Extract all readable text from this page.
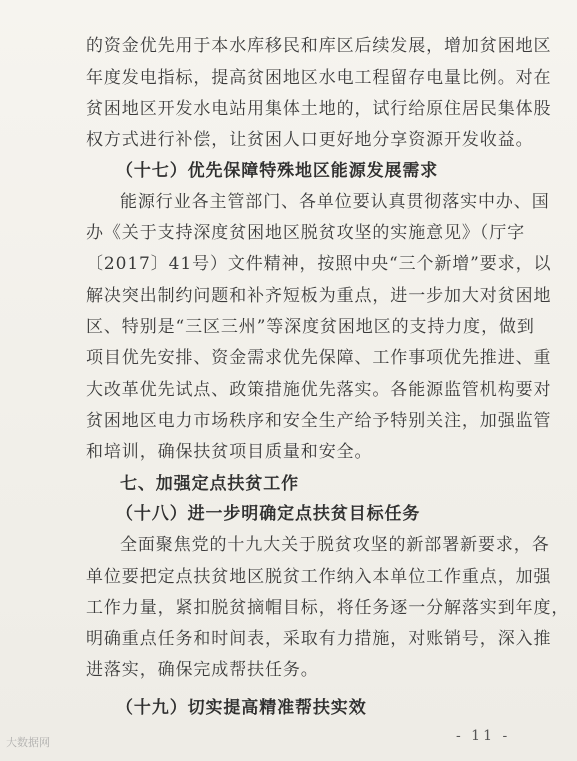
的资金优先用于本水库移民和库区后续发展，增加贫困地区
年度发电指标，提高贫困地区水电工程留存电量比例。对在
贫困地区开发水电站用集体土地的，试行给原住居民集体股
权方式进行补偿，让贫困人口更好地分享资源开发收益。
（十七）优先保障特殊地区能源发展需求
能源行业各主管部门、各单位要认真贯彻落实中办、国
办《关于支持深度贫困地区脱贫攻坚的实施意见》（厅字
〔2017〕41号）文件精神，按照中央“三个新增”要求，以
解决突出制约问题和补齐短板为重点，进一步加大对贫困地
区、特别是“三区三州”等深度贫困地区的支持力度，做到
项目优先安排、资金需求优先保障、工作事项优先推进、重
大改革优先试点、政策措施优先落实。各能源监管机构要对
贫困地区电力市场秩序和安全生产给予特别关注，加强监管
和培训，确保扶贫项目质量和安全。
七、加强定点扶贫工作
（十八）进一步明确定点扶贫目标任务
全面聚焦党的十九大关于脱贫攻坚的新部署新要求，各
单位要把定点扶贫地区脱贫工作纳入本单位工作重点，加强
工作力量，紧扣脱贫摘帽目标，将任务逐一分解落实到年度，
明确重点任务和时间表，采取有力措施，对账销号，深入推
进落实，确保完成帮扶任务。
（十九）切实提高精准帮扶实效
- 11 -
大数据网
